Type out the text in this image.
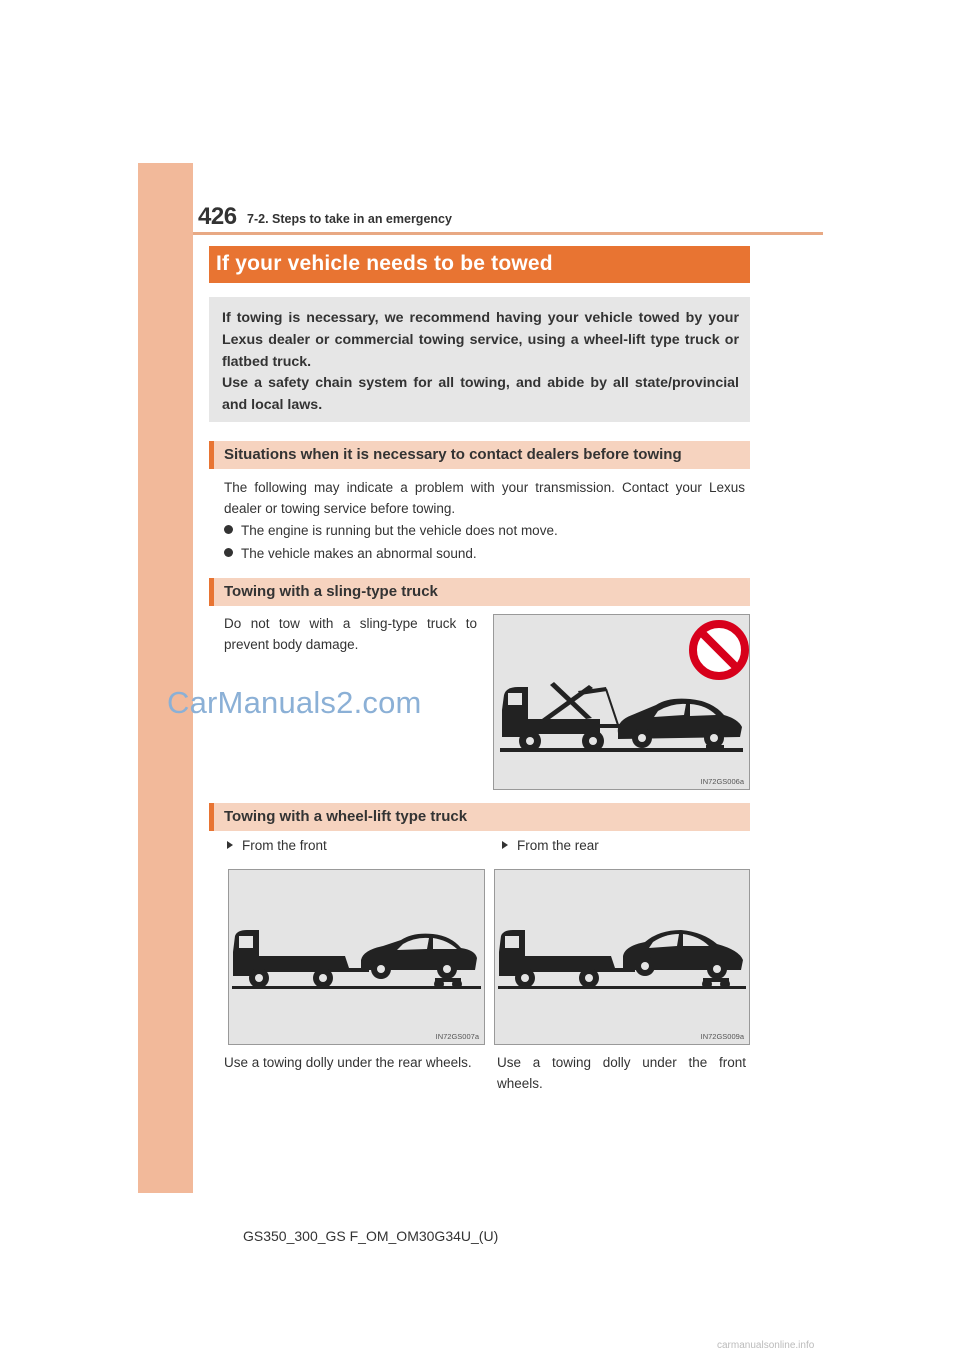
426 7-2. Steps to take in an emergency
If your vehicle needs to be towed

If towing is necessary, we recommend having your vehicle towed by your Lexus dealer or commercial towing service, using a wheel-lift type truck or flatbed truck.

Use a safety chain system for all towing, and abide by all state/provincial and local laws.

Situations when it is necessary to contact dealers before towing

The following may indicate a problem with your transmission. Contact your Lexus dealer or towing service before towing.

The engine is running but the vehicle does not move.
The vehicle makes an abnormal sound.
Towing with a sling-type truck

Do not tow with a sling-type truck to prevent body damage.

IN72GS006a
CarManuals2.com
Towing with a wheel-lift type truck
From the front	From the rear
IN72GS007a	IN72GS009a

Use a towing dolly under the rear wheels.	Use a towing dolly under the front wheels.

GS350_300_GS F_OM_OM30G34U_(U)
carmanualsonline.info
